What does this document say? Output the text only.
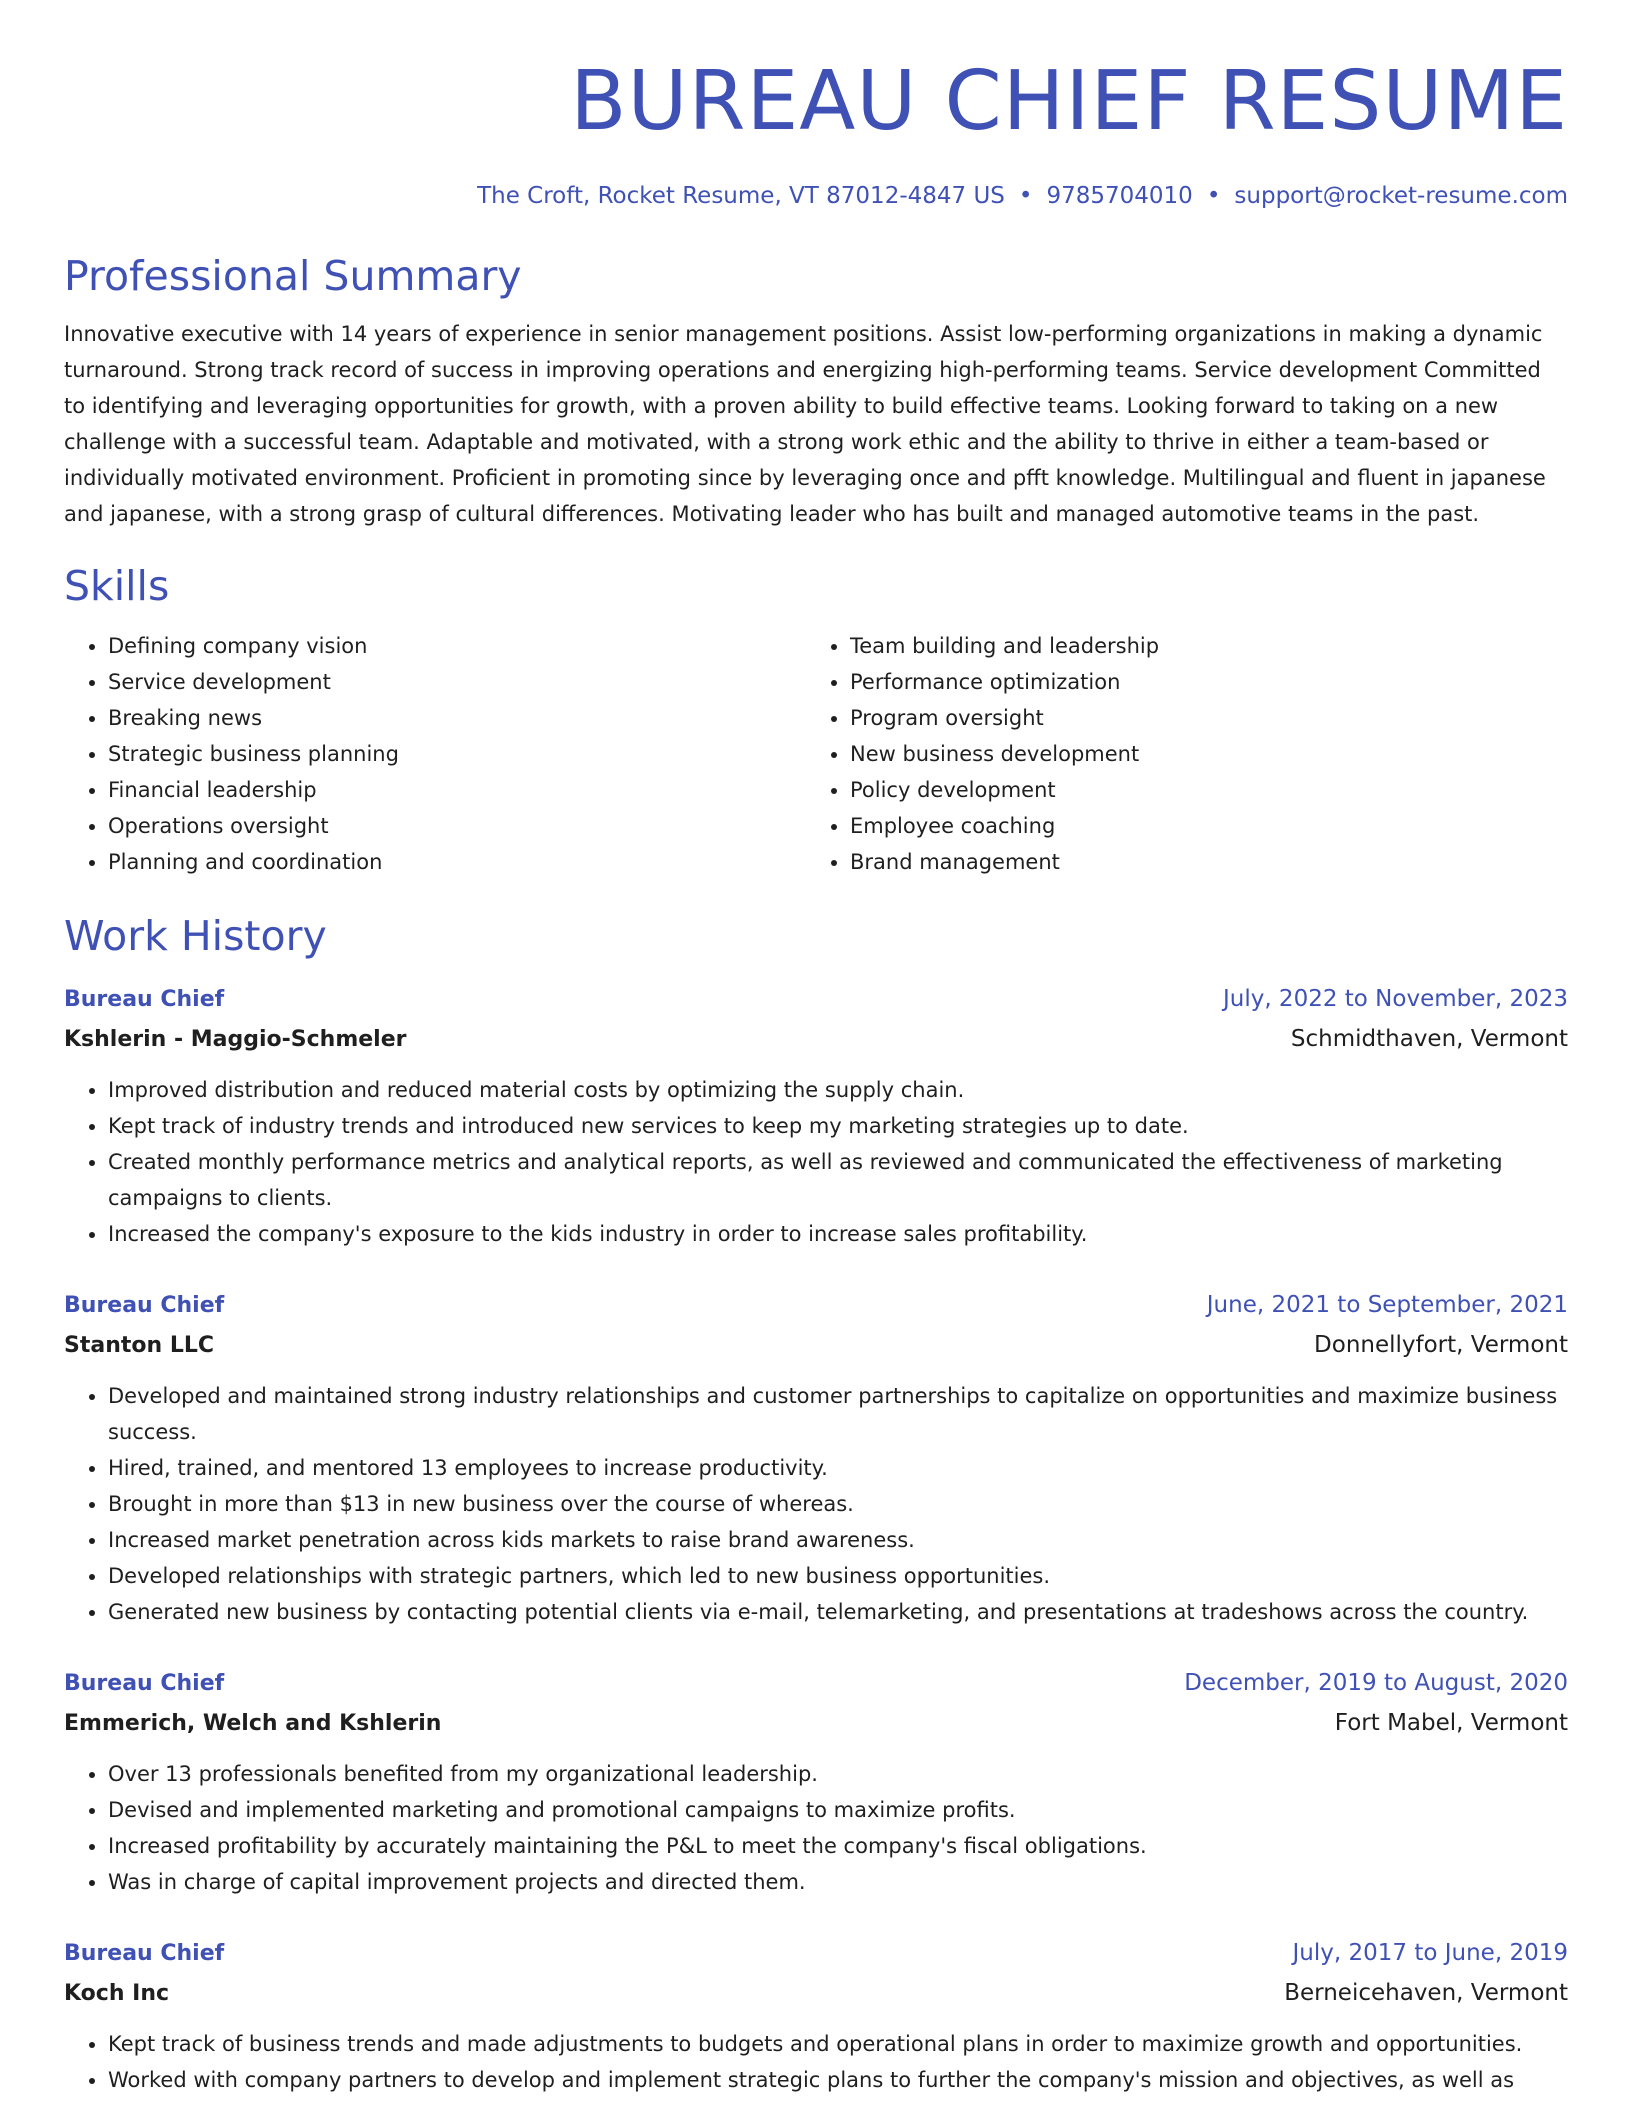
BUREAU CHIEF RESUME
The Croft, Rocket Resume, VT 87012-4847 US • 9785704010 • support@rocket-resume.com
Professional Summary

Innovative executive with 14 years of experience in senior management positions. Assist low-performing organizations in making a dynamic turnaround. Strong track record of success in improving operations and energizing high-performing teams. Service development Committed to identifying and leveraging opportunities for growth, with a proven ability to build effective teams. Looking forward to taking on a new challenge with a successful team. Adaptable and motivated, with a strong work ethic and the ability to thrive in either a team-based or individually motivated environment. Proficient in promoting since by leveraging once and pfft knowledge. Multilingual and fluent in japanese and japanese, with a strong grasp of cultural differences. Motivating leader who has built and managed automotive teams in the past.

Skills
• Defining company vision
• Service development
• Breaking news
• Strategic business planning
• Financial leadership
• Operations oversight
• Planning and coordination
• Team building and leadership
• Performance optimization
• Program oversight
• New business development
• Policy development
• Employee coaching
• Brand management
Work History
Bureau Chief	July, 2022 to November, 2023
Kshlerin - Maggio-Schmeler	Schmidthaven, Vermont
• Improved distribution and reduced material costs by optimizing the supply chain.
• Kept track of industry trends and introduced new services to keep my marketing strategies up to date.
• Created monthly performance metrics and analytical reports, as well as reviewed and communicated the effectiveness of marketing campaigns to clients.
• Increased the company's exposure to the kids industry in order to increase sales profitability.
Bureau Chief	June, 2021 to September, 2021
Stanton LLC	Donnellyfort, Vermont
• Developed and maintained strong industry relationships and customer partnerships to capitalize on opportunities and maximize business success.
• Hired, trained, and mentored 13 employees to increase productivity.
• Brought in more than $13 in new business over the course of whereas.
• Increased market penetration across kids markets to raise brand awareness.
• Developed relationships with strategic partners, which led to new business opportunities.
• Generated new business by contacting potential clients via e-mail, telemarketing, and presentations at tradeshows across the country.
Bureau Chief	December, 2019 to August, 2020
Emmerich, Welch and Kshlerin	Fort Mabel, Vermont
• Over 13 professionals benefited from my organizational leadership.
• Devised and implemented marketing and promotional campaigns to maximize profits.
• Increased profitability by accurately maintaining the P&L to meet the company's fiscal obligations.
• Was in charge of capital improvement projects and directed them.
Bureau Chief	July, 2017 to June, 2019
Koch Inc	Berneicehaven, Vermont
• Kept track of business trends and made adjustments to budgets and operational plans in order to maximize growth and opportunities.
• Worked with company partners to develop and implement strategic plans to further the company's mission and objectives, as well as
